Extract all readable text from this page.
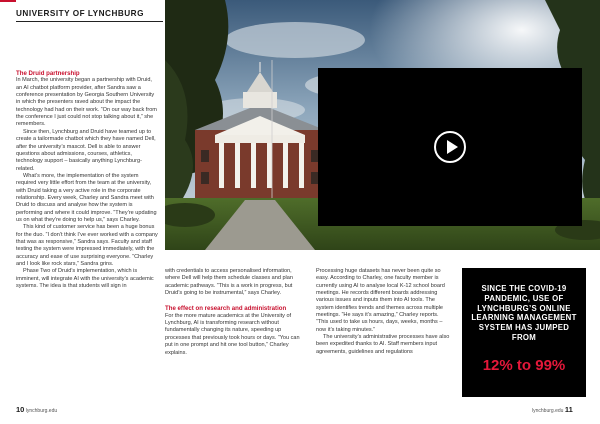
UNIVERSITY OF LYNCHBURG
The Druid partnership

In March, the university began a partnership with Druid, an AI chatbot platform provider, after Sandra saw a conference presentation by Georgia Southern University in which the presenters raved about the impact the technology had had on their work. “On our way back from the conference I just could not stop talking about it,” she remembers.

Since then, Lynchburg and Druid have teamed up to create a tailormade chatbot which they have named Dell, after the university’s mascot. Dell is able to answer questions about admissions, courses, athletics, technology support – basically anything Lynchburg-related.

What’s more, the implementation of the system required very little effort from the team at the university, with Druid taking a very active role in the corporate relationship. Every week, Charley and Sandra meet with Druid to discuss and analyse how the system is performing and where it could improve. “They’re updating us on what they’re doing to help us,” says Charley.

This kind of customer service has been a huge bonus for the duo. “I don’t think I’ve ever worked with a company that was as responsive,” Sandra says. Faculty and staff testing the system were impressed immediately, with the accuracy and ease of use surprising everyone. “Charley and I look like rock stars,” Sandra grins.

Phase Two of Druid’s implementation, which is imminent, will integrate AI with the university’s academic systems. The idea is that students will sign in

with credentials to access personalised information, where Dell will help them schedule classes and plan academic pathways. “This is a work in progress, but Druid’s going to be instrumental,” says Charley.

The effect on research and administration

For the more mature academics at the University of Lynchburg, AI is transforming research without fundamentally changing its nature, speeding up processes that previously took hours or days. “You can put in one prompt and hit one tool button,” Charley explains.

Processing huge datasets has never been quite so easy. According to Charley, one faculty member is currently using AI to analyse local K-12 school board meetings. He records different boards addressing various issues and inputs them into AI tools. The system identifies trends and themes across multiple meetings. “He says it’s amazing,” Charley reports. “This used to take us hours, days, weeks, months – now it’s taking minutes.”

The university’s administrative processes have also been expedited thanks to AI. Staff members input agreements, guidelines and regulations

SINCE THE COVID-19 PANDEMIC, USE OF LYNCHBURG’S ONLINE LEARNING MANAGEMENT SYSTEM HAS JUMPED FROM
12% to 99%
10 lynchburg.edu	lynchburg.edu 11
